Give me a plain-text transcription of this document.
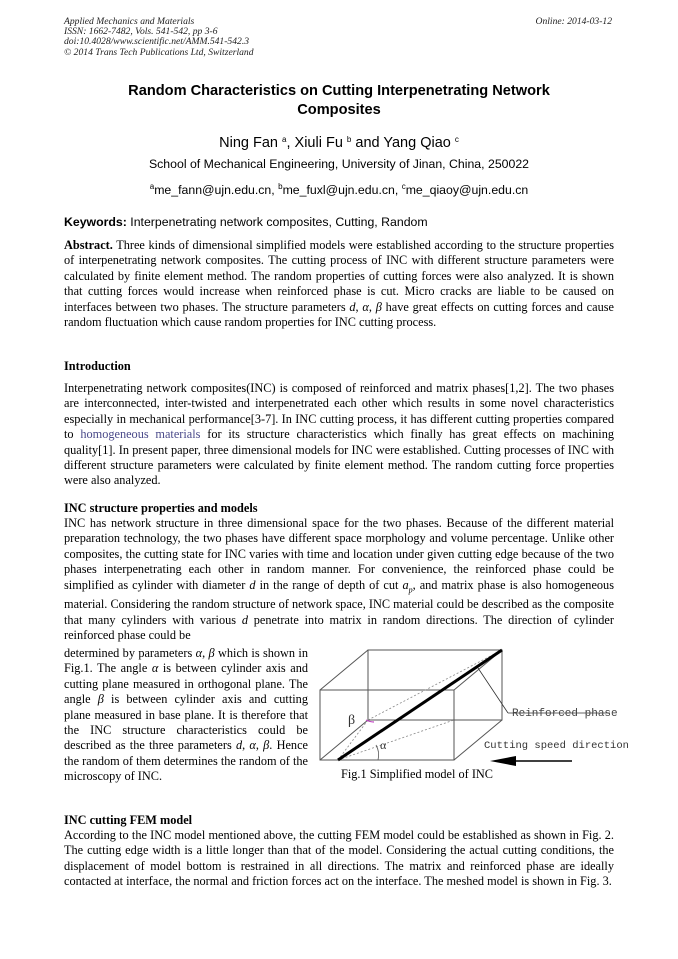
Applied Mechanics and Materials
ISSN: 1662-7482, Vols. 541-542, pp 3-6
doi:10.4028/www.scientific.net/AMM.541-542.3
© 2014 Trans Tech Publications Ltd, Switzerland
Online: 2014-03-12
Random Characteristics on Cutting Interpenetrating Network Composites
Ning Fan $^a$, Xiuli Fu $^b$ and Yang Qiao $^c$
School of Mechanical Engineering, University of Jinan, China, 250022
$^a$me_fann@ujn.edu.cn, $^b$me_fuxl@ujn.edu.cn, $^c$me_qiaoy@ujn.edu.cn
Keywords: Interpenetrating network composites, Cutting, Random
Abstract. Three kinds of dimensional simplified models were established according to the structure properties of interpenetrating network composites. The cutting process of INC with different structure parameters were calculated by finite element method. The random properties of cutting forces were also analyzed. It is shown that cutting forces would increase when reinforced phase is cut. Micro cracks are liable to be caused on interfaces between two phases. The structure parameters d, α, β have great effects on cutting forces and cause random fluctuation which cause random properties for INC cutting process.
Introduction
Interpenetrating network composites(INC) is composed of reinforced and matrix phases[1,2]. The two phases are interconnected, inter-twisted and interpenetrated each other which results in some novel characteristics especially in mechanical performance[3-7]. In INC cutting process, it has different cutting properties compared to homogeneous materials for its structure characteristics which finally has great effects on machining quality[1]. In present paper, three dimensional models for INC were established. Cutting processes of INC with different structure parameters were calculated by finite element method. The random cutting force properties were also analyzed.
INC structure properties and models
INC has network structure in three dimensional space for the two phases. Because of the different material preparation technology, the two phases have different space morphology and volume percentage. Unlike other composites, the cutting state for INC varies with time and location under given cutting edge because of the two phases interpenetrating each other in random manner. For convenience, the reinforced phase could be simplified as cylinder with diameter d in the range of depth of cut $a_p$, and matrix phase is also homogeneous material. Considering the random structure of network space, INC material could be described as the composite that many cylinders with various d penetrate into matrix in random directions. The direction of cylinder reinforced phase could be
determined by parameters α, β which is shown in Fig.1. The angle α is between cylinder axis and cutting plane measured in orthogonal plane. The angle β is between cylinder axis and cutting plane measured in base plane. It is therefore that the INC structure characteristics could be described as the three parameters d, α, β. Hence the random of them determines the random of the microscopy of INC.
β
α
Reinforced phase
Cutting speed direction
Fig.1 Simplified model of INC
INC cutting FEM model
According to the INC model mentioned above, the cutting FEM model could be established as shown in Fig. 2. The cutting edge width is a little longer than that of the model. Considering the actual cutting conditions, the displacement of model bottom is restrained in all directions. The matrix and reinforced phase are ideally contacted at interface, the normal and friction forces act on the interface. The meshed model is shown in Fig. 3.
